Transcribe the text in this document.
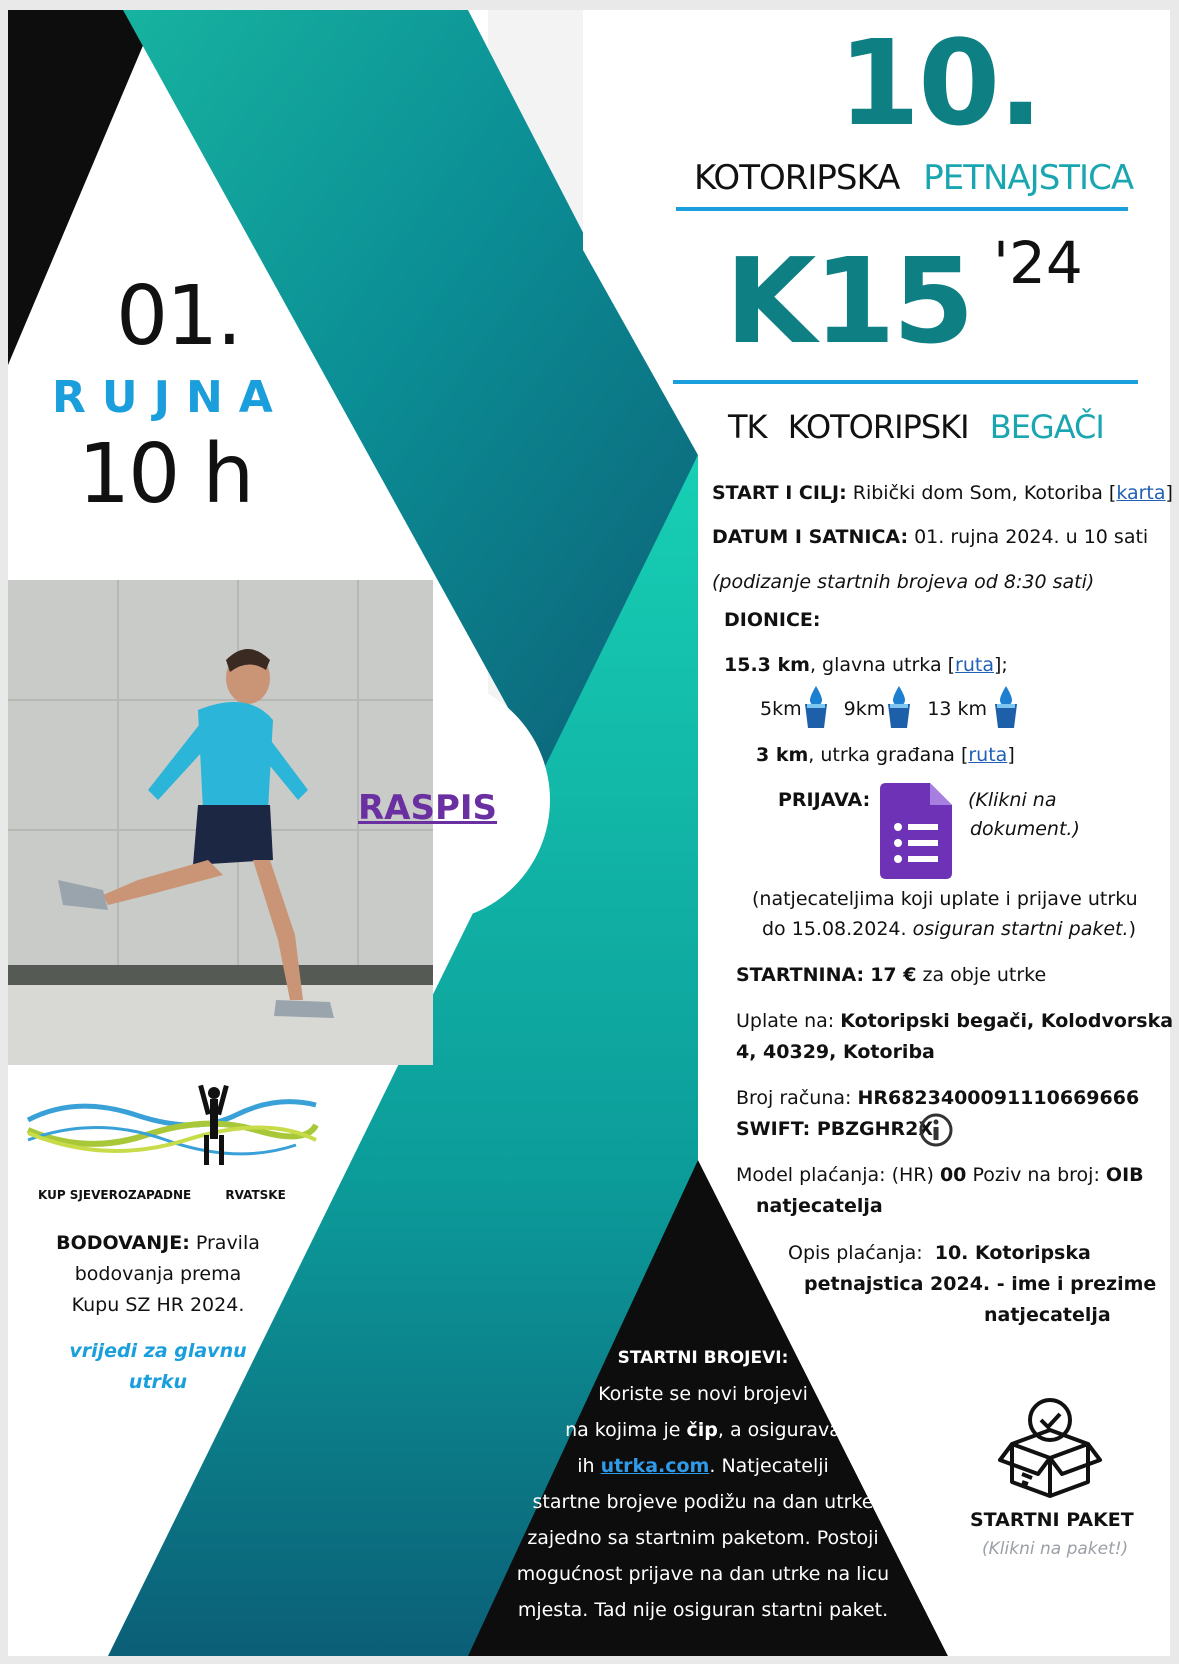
10.
KOTORIPSKA PETNAJSTICA
K15 '24
TK KOTORIPSKI BEGAČI
01.
RUJNA
10 h
RASPIS
START I CILJ: Ribički dom Som, Kotoriba [karta]
DATUM I SATNICA: 01. rujna 2024. u 10 sati
(podizanje startnih brojeva od 8:30 sati)
DIONICE:
15.3 km, glavna utrka [ruta];
5km 9km 13 km
3 km, utrka građana [ruta]
PRIJAVA:	(Klikni na
dokument.)
(natjecateljima koji uplate i prijave utrku
do 15.08.2024. osiguran startni paket.)
STARTNINA: 17 € za obje utrke
Uplate na: Kotoripski begači, Kolodvorska
4, 40329, Kotoriba
Broj računa: HR6823400091110669666
SWIFT: PBZGHR2X
Model plaćanja: (HR) 00 Poziv na broj: OIB
natjecatelja
Opis plaćanja: 10. Kotoripska
petnajstica 2024. - ime i prezime
natjecatelja
STARTNI BROJEVI:
Koriste se novi brojevi
na kojima je čip, a osigurava
ih utrka.com. Natjecatelji
startne brojeve podižu na dan utrke
zajedno sa startnim paketom. Postoji
mogućnost prijave na dan utrke na licu
mjesta. Tad nije osiguran startni paket.
STARTNI PAKET
(Klikni na paket!)
KUP SJEVEROZAPADNE	RVATSKE
BODOVANJE: Pravila
bodovanja prema
Kupu SZ HR 2024.
vrijedi za glavnu
utrku
